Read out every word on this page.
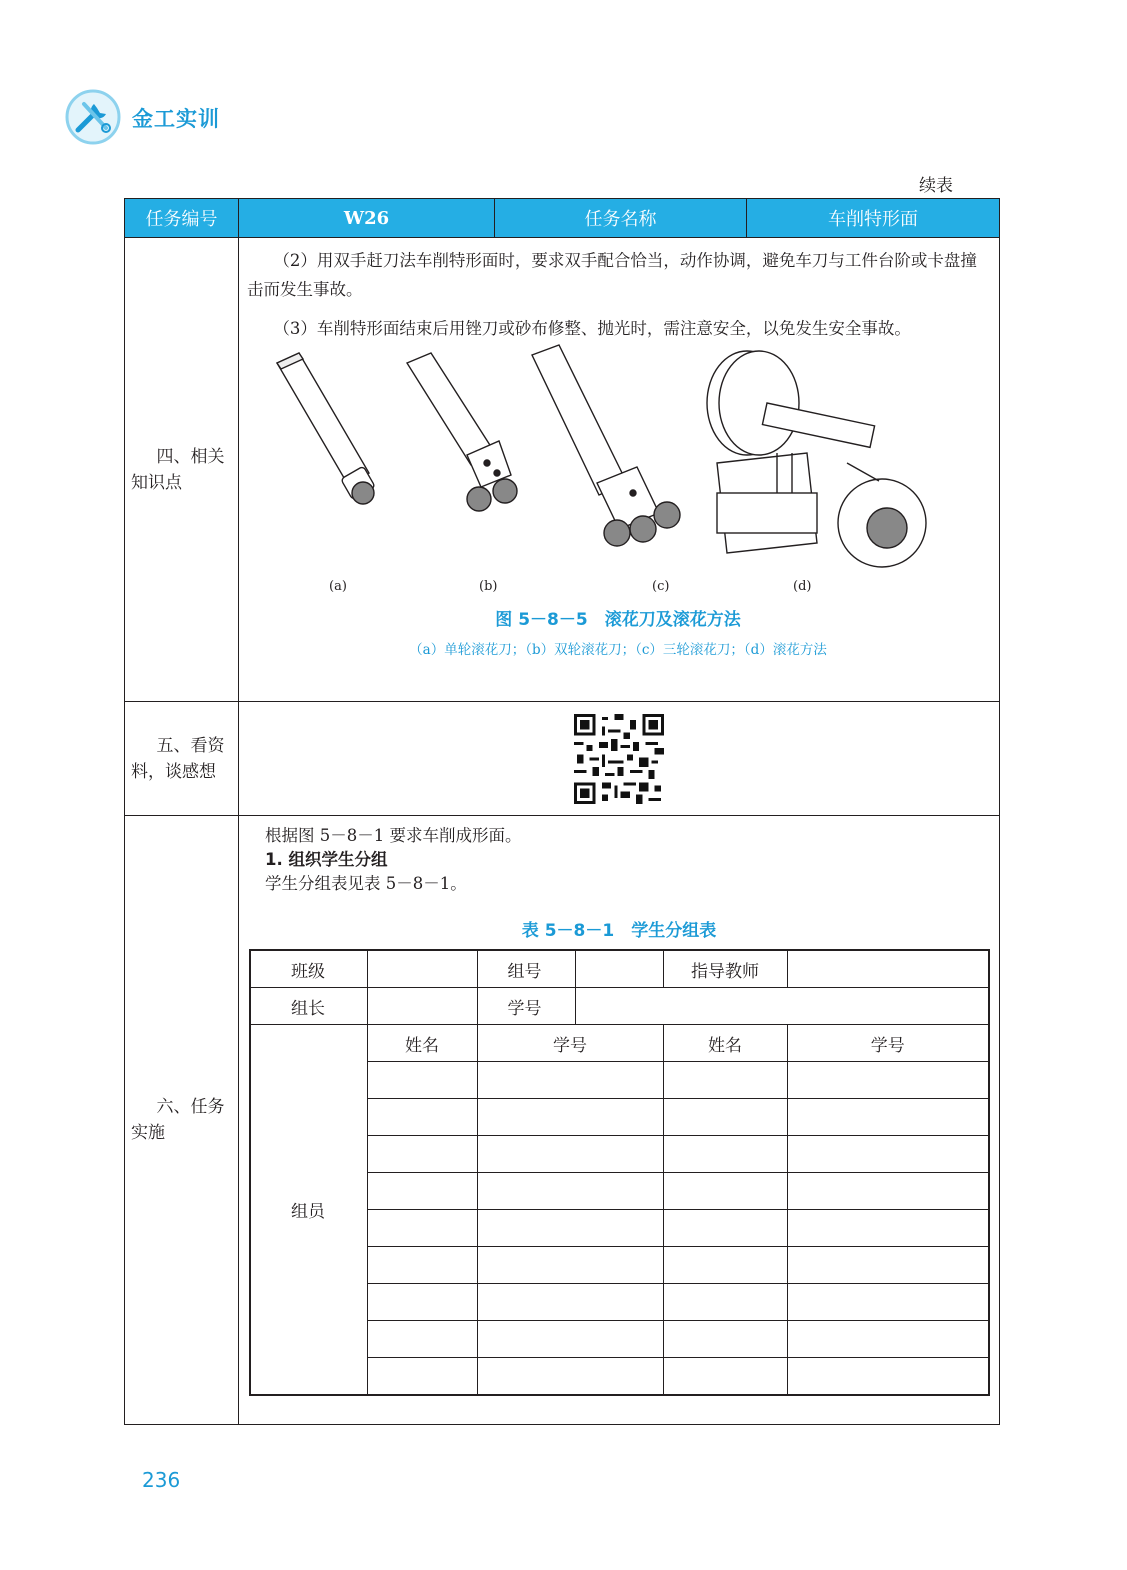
金工实训
续表
任务编号	W26	任务名称	车削特形面

四、相关
知识点

（2）用双手赶刀法车削特形面时，要求双手配合恰当，动作协调，避免车刀与工件台阶或卡盘撞击而发生事故。

（3）车削特形面结束后用锉刀或砂布修整、抛光时，需注意安全，以免发生安全事故。

(a)	(b)	(c)	(d)
图 5－8－5　滚花刀及滚花方法
（a）单轮滚花刀；（b）双轮滚花刀；（c）三轮滚花刀；（d）滚花方法

五、看资
料，谈感想

六、任务
实施

根据图 5－8－1 要求车削成形面。
1. 组织学生分组
学生分组表见表 5－8－1。
表 5－8－1　学生分组表
班级		组号		指导教师	
组长		学号	
组员	姓名	学号	姓名	学号

236
